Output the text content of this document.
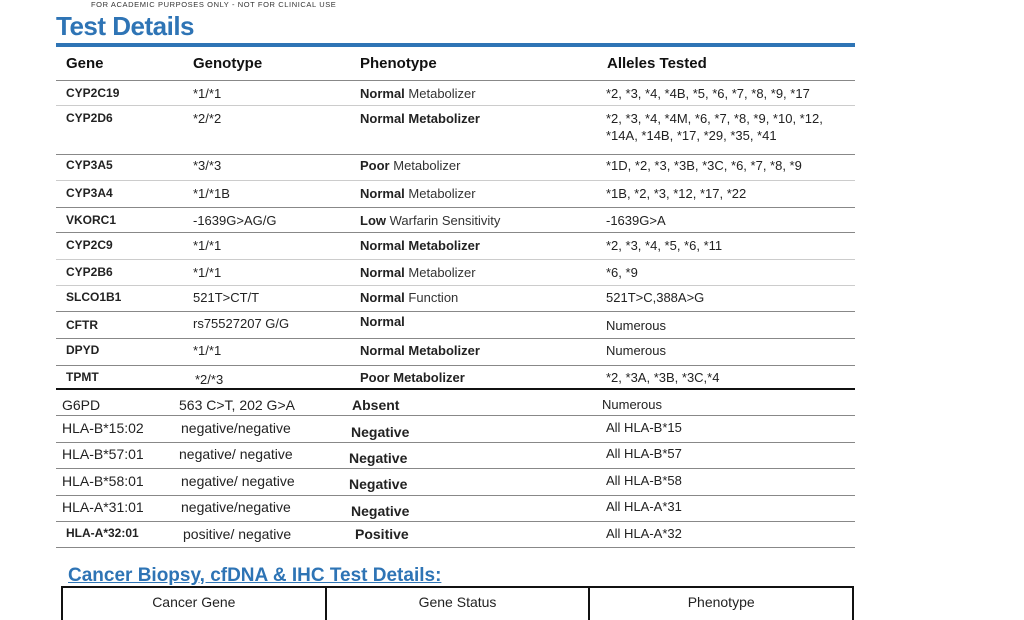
FOR ACADEMIC PURPOSES ONLY - NOT FOR CLINICAL USE
Test Details
Gene	Genotype	Phenotype	Alleles Tested
CYP2C19	*1/*1	Normal Metabolizer	*2, *3, *4, *4B, *5, *6, *7, *8, *9, *17
CYP2D6	*2/*2	Normal Metabolizer	*2, *3, *4, *4M, *6, *7, *8, *9, *10, *12,
*14A, *14B, *17, *29, *35, *41
CYP3A5	*3/*3	Poor Metabolizer	*1D, *2, *3, *3B, *3C, *6, *7, *8, *9
CYP3A4	*1/*1B	Normal Metabolizer	*1B, *2, *3, *12, *17, *22
VKORC1	-1639G>AG/G	Low Warfarin Sensitivity	-1639G>A
CYP2C9	*1/*1	Normal Metabolizer	*2, *3, *4, *5, *6, *11
CYP2B6	*1/*1	Normal Metabolizer	*6, *9
SLCO1B1	521T>CT/T	Normal Function	521T>C,388A>G
CFTR	rs75527207 G/G	Normal	Numerous
DPYD	*1/*1	Normal Metabolizer	Numerous
TPMT	*2/*3	Poor Metabolizer	*2, *3A, *3B, *3C,*4
G6PD	563 C>T, 202 G>A	Absent	Numerous
HLA-B*15:02	negative/negative	Negative	All HLA-B*15
HLA-B*57:01	negative/ negative	Negative	All HLA-B*57
HLA-B*58:01	negative/ negative	Negative	All HLA-B*58
HLA-A*31:01	negative/negative	Negative	All HLA-A*31
HLA-A*32:01	positive/ negative	Positive	All HLA-A*32
Cancer Biopsy, cfDNA & IHC Test Details:
Cancer Gene	Gene Status	Phenotype
